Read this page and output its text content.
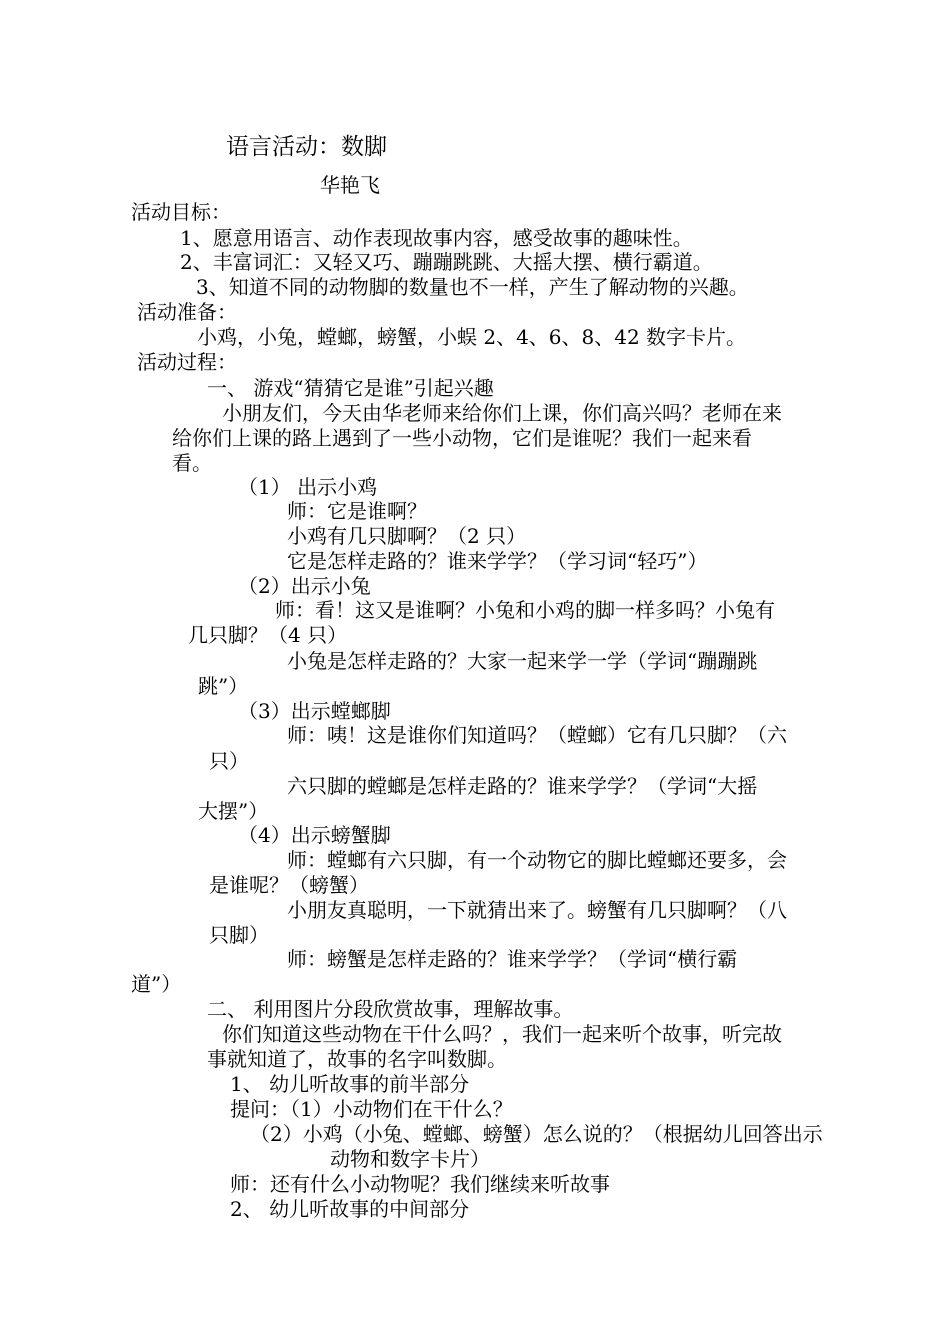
语言活动：数脚
华艳飞
活动目标：
1、愿意用语言、动作表现故事内容，感受故事的趣味性。
2、丰富词汇：又轻又巧、蹦蹦跳跳、大摇大摆、横行霸道。
3、知道不同的动物脚的数量也不一样，产生了解动物的兴趣。
活动准备：
小鸡，小兔，螳螂，螃蟹，小蜈 2、4、6、8、42 数字卡片。
活动过程：
一、 游戏“猜猜它是谁”引起兴趣
小朋友们，今天由华老师来给你们上课，你们高兴吗？老师在来
给你们上课的路上遇到了一些小动物，它们是谁呢？我们一起来看
看。
（1） 出示小鸡
师：它是谁啊？
小鸡有几只脚啊？（2 只）
它是怎样走路的？谁来学学？（学习词“轻巧”）
（2）出示小兔
师：看！这又是谁啊？小兔和小鸡的脚一样多吗？小兔有
几只脚？（4 只）
小兔是怎样走路的？大家一起来学一学（学词“蹦蹦跳
跳”）
（3）出示螳螂脚
师：咦！这是谁你们知道吗？（螳螂）它有几只脚？（六
只）
六只脚的螳螂是怎样走路的？谁来学学？（学词“大摇
大摆”）
（4）出示螃蟹脚
师：螳螂有六只脚，有一个动物它的脚比螳螂还要多，会
是谁呢？（螃蟹）
小朋友真聪明，一下就猜出来了。螃蟹有几只脚啊？（八
只脚）
师：螃蟹是怎样走路的？谁来学学？（学词“横行霸
道”）
二、 利用图片分段欣赏故事，理解故事。
你们知道这些动物在干什么吗？，我们一起来听个故事，听完故
事就知道了，故事的名字叫数脚。
1、 幼儿听故事的前半部分
提问：（1）小动物们在干什么？
（2）小鸡（小兔、螳螂、螃蟹）怎么说的？（根据幼儿回答出示
动物和数字卡片）
师：还有什么小动物呢？我们继续来听故事
2、 幼儿听故事的中间部分
